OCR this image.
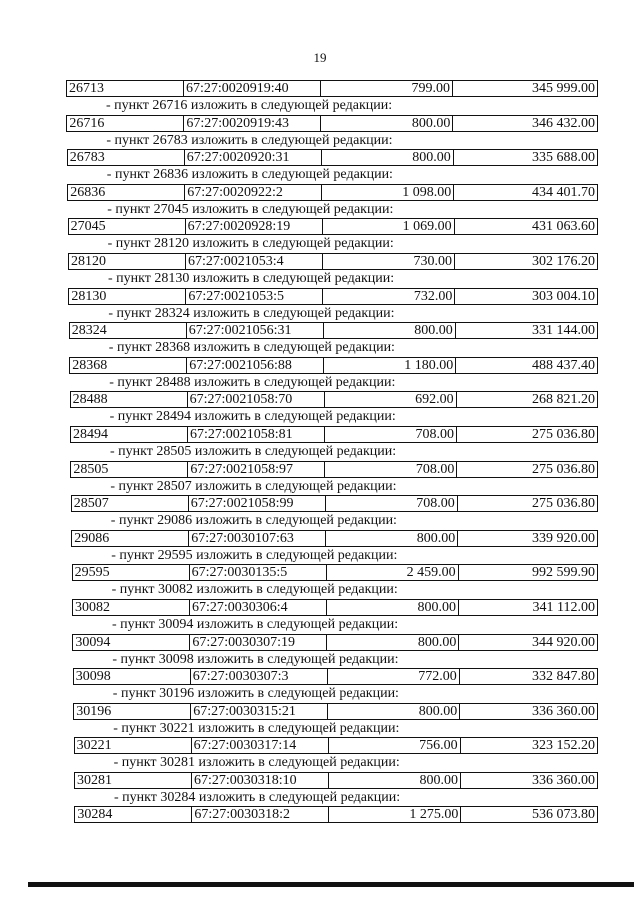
19
26713	67:27:0020919:40	799.00	345 999.00
- пункт 26716 изложить в следующей редакции:
26716	67:27:0020919:43	800.00	346 432.00
- пункт 26783 изложить в следующей редакции:
26783	67:27:0020920:31	800.00	335 688.00
- пункт 26836 изложить в следующей редакции:
26836	67:27:0020922:2	1 098.00	434 401.70
- пункт 27045 изложить в следующей редакции:
27045	67:27:0020928:19	1 069.00	431 063.60
- пункт 28120 изложить в следующей редакции:
28120	67:27:0021053:4	730.00	302 176.20
- пункт 28130 изложить в следующей редакции:
28130	67:27:0021053:5	732.00	303 004.10
- пункт 28324 изложить в следующей редакции:
28324	67:27:0021056:31	800.00	331 144.00
- пункт 28368 изложить в следующей редакции:
28368	67:27:0021056:88	1 180.00	488 437.40
- пункт 28488 изложить в следующей редакции:
28488	67:27:0021058:70	692.00	268 821.20
- пункт 28494 изложить в следующей редакции:
28494	67:27:0021058:81	708.00	275 036.80
- пункт 28505 изложить в следующей редакции:
28505	67:27:0021058:97	708.00	275 036.80
- пункт 28507 изложить в следующей редакции:
28507	67:27:0021058:99	708.00	275 036.80
- пункт 29086 изложить в следующей редакции:
29086	67:27:0030107:63	800.00	339 920.00
- пункт 29595 изложить в следующей редакции:
29595	67:27:0030135:5	2 459.00	992 599.90
- пункт 30082 изложить в следующей редакции:
30082	67:27:0030306:4	800.00	341 112.00
- пункт 30094 изложить в следующей редакции:
30094	67:27:0030307:19	800.00	344 920.00
- пункт 30098 изложить в следующей редакции:
30098	67:27:0030307:3	772.00	332 847.80
- пункт 30196 изложить в следующей редакции:
30196	67:27:0030315:21	800.00	336 360.00
- пункт 30221 изложить в следующей редакции:
30221	67:27:0030317:14	756.00	323 152.20
- пункт 30281 изложить в следующей редакции:
30281	67:27:0030318:10	800.00	336 360.00
- пункт 30284 изложить в следующей редакции:
30284	67:27:0030318:2	1 275.00	536 073.80
